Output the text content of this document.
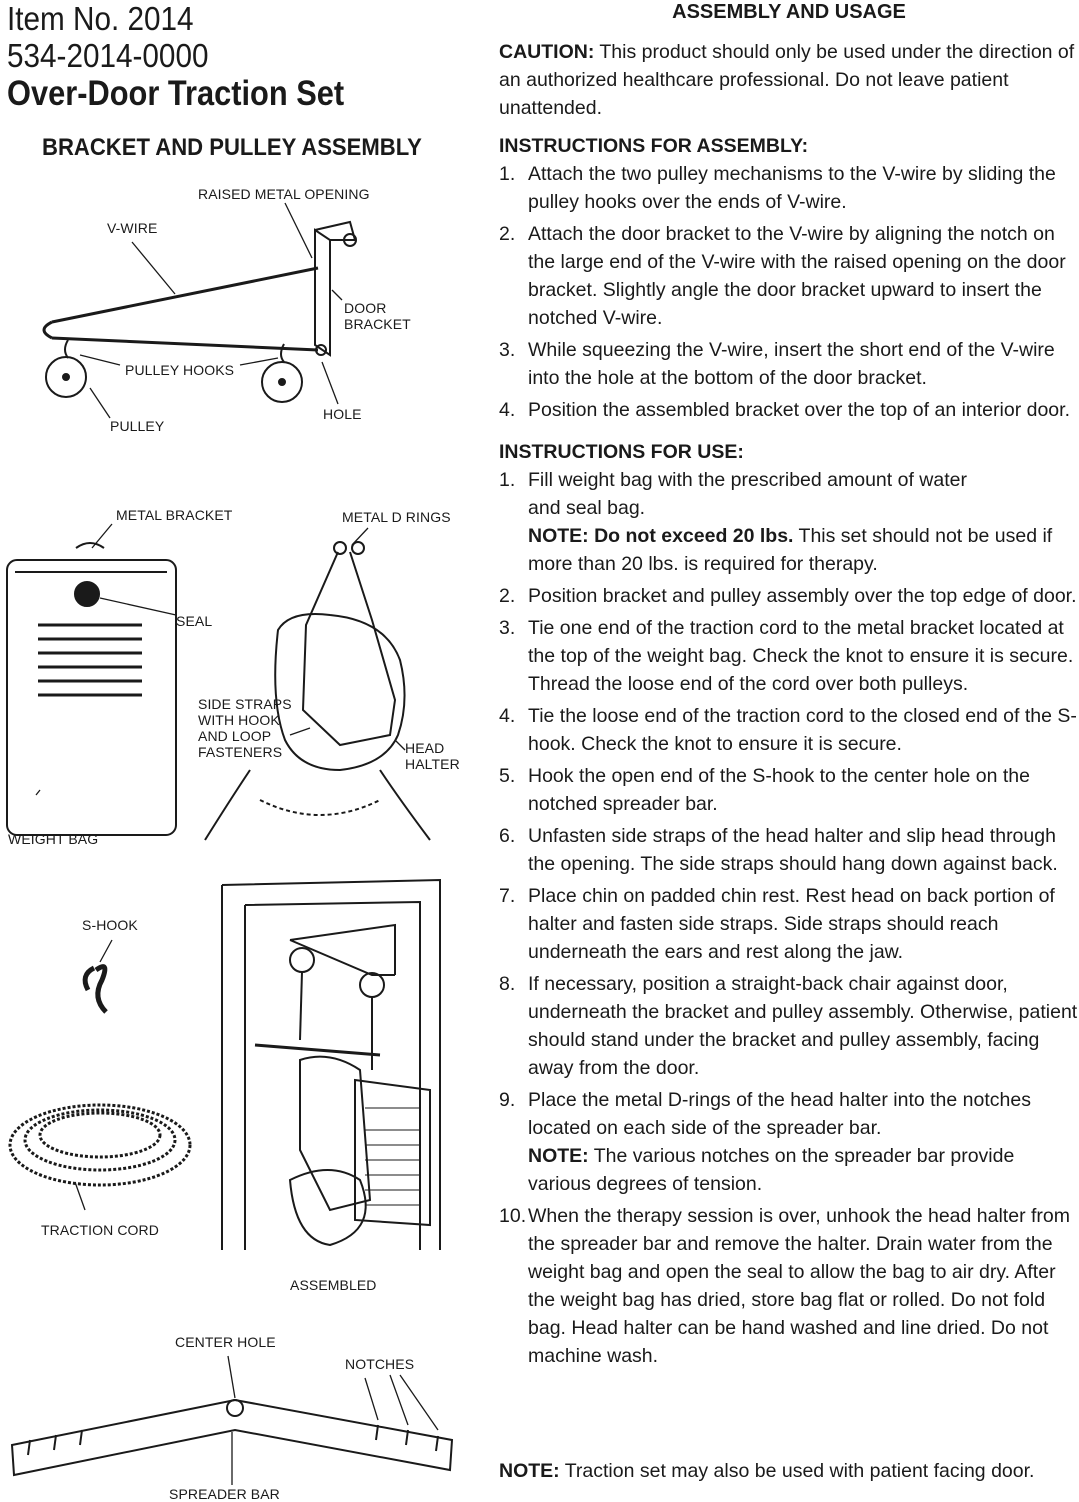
Item No. 2014
534-2014-0000
Over-Door Traction Set
BRACKET AND PULLEY ASSEMBLY
RAISED METAL OPENING
V-WIRE
DOOR BRACKET
PULLEY HOOKS
HOLE
PULLEY
METAL BRACKET	METAL D RINGS
SEAL
SIDE STRAPS WITH HOOK AND LOOP FASTENERS	HEAD HALTER
WEIGHT BAG
S-HOOK
TRACTION CORD
ASSEMBLED
CENTER HOLE
NOTCHES
SPREADER BAR
ASSEMBLY AND USAGE

CAUTION: This product should only be used under the direction of an authorized healthcare professional. Do not leave patient unattended.

INSTRUCTIONS FOR ASSEMBLY:

1. Attach the two pulley mechanisms to the V-wire by sliding the pulley hooks over the ends of V-wire.
2. Attach the door bracket to the V-wire by aligning the notch on the large end of the V-wire with the raised opening on the door bracket. Slightly angle the door bracket upward to insert the notched V-wire.
3. While squeezing the V-wire, insert the short end of the V-wire into the hole at the bottom of the door bracket.
4. Position the assembled bracket over the top of an interior door.

INSTRUCTIONS FOR USE:

1. Fill weight bag with the prescribed amount of water and seal bag.
NOTE: Do not exceed 20 lbs. This set should not be used if more than 20 lbs. is required for therapy.
2. Position bracket and pulley assembly over the top edge of door.
3. Tie one end of the traction cord to the metal bracket located at the top of the weight bag. Check the knot to ensure it is secure. Thread the loose end of the cord over both pulleys.
4. Tie the loose end of the traction cord to the closed end of the S-hook. Check the knot to ensure it is secure.
5. Hook the open end of the S-hook to the center hole on the notched spreader bar.
6. Unfasten side straps of the head halter and slip head through the opening. The side straps should hang down against back.
7. Place chin on padded chin rest. Rest head on back portion of halter and fasten side straps. Side straps should reach underneath the ears and rest along the jaw.
8. If necessary, position a straight-back chair against door, underneath the bracket and pulley assembly. Otherwise, patient should stand under the bracket and pulley assembly, facing away from the door.
9. Place the metal D-rings of the head halter into the notches located on each side of the spreader bar.
NOTE: The various notches on the spreader bar provide various degrees of tension.
10. When the therapy session is over, unhook the head halter from the spreader bar and remove the halter. Drain water from the weight bag and open the seal to allow the bag to air dry. After the weight bag has dried, store bag flat or rolled. Do not fold bag. Head halter can be hand washed and line dried. Do not machine wash.
NOTE: Traction set may also be used with patient facing door.
